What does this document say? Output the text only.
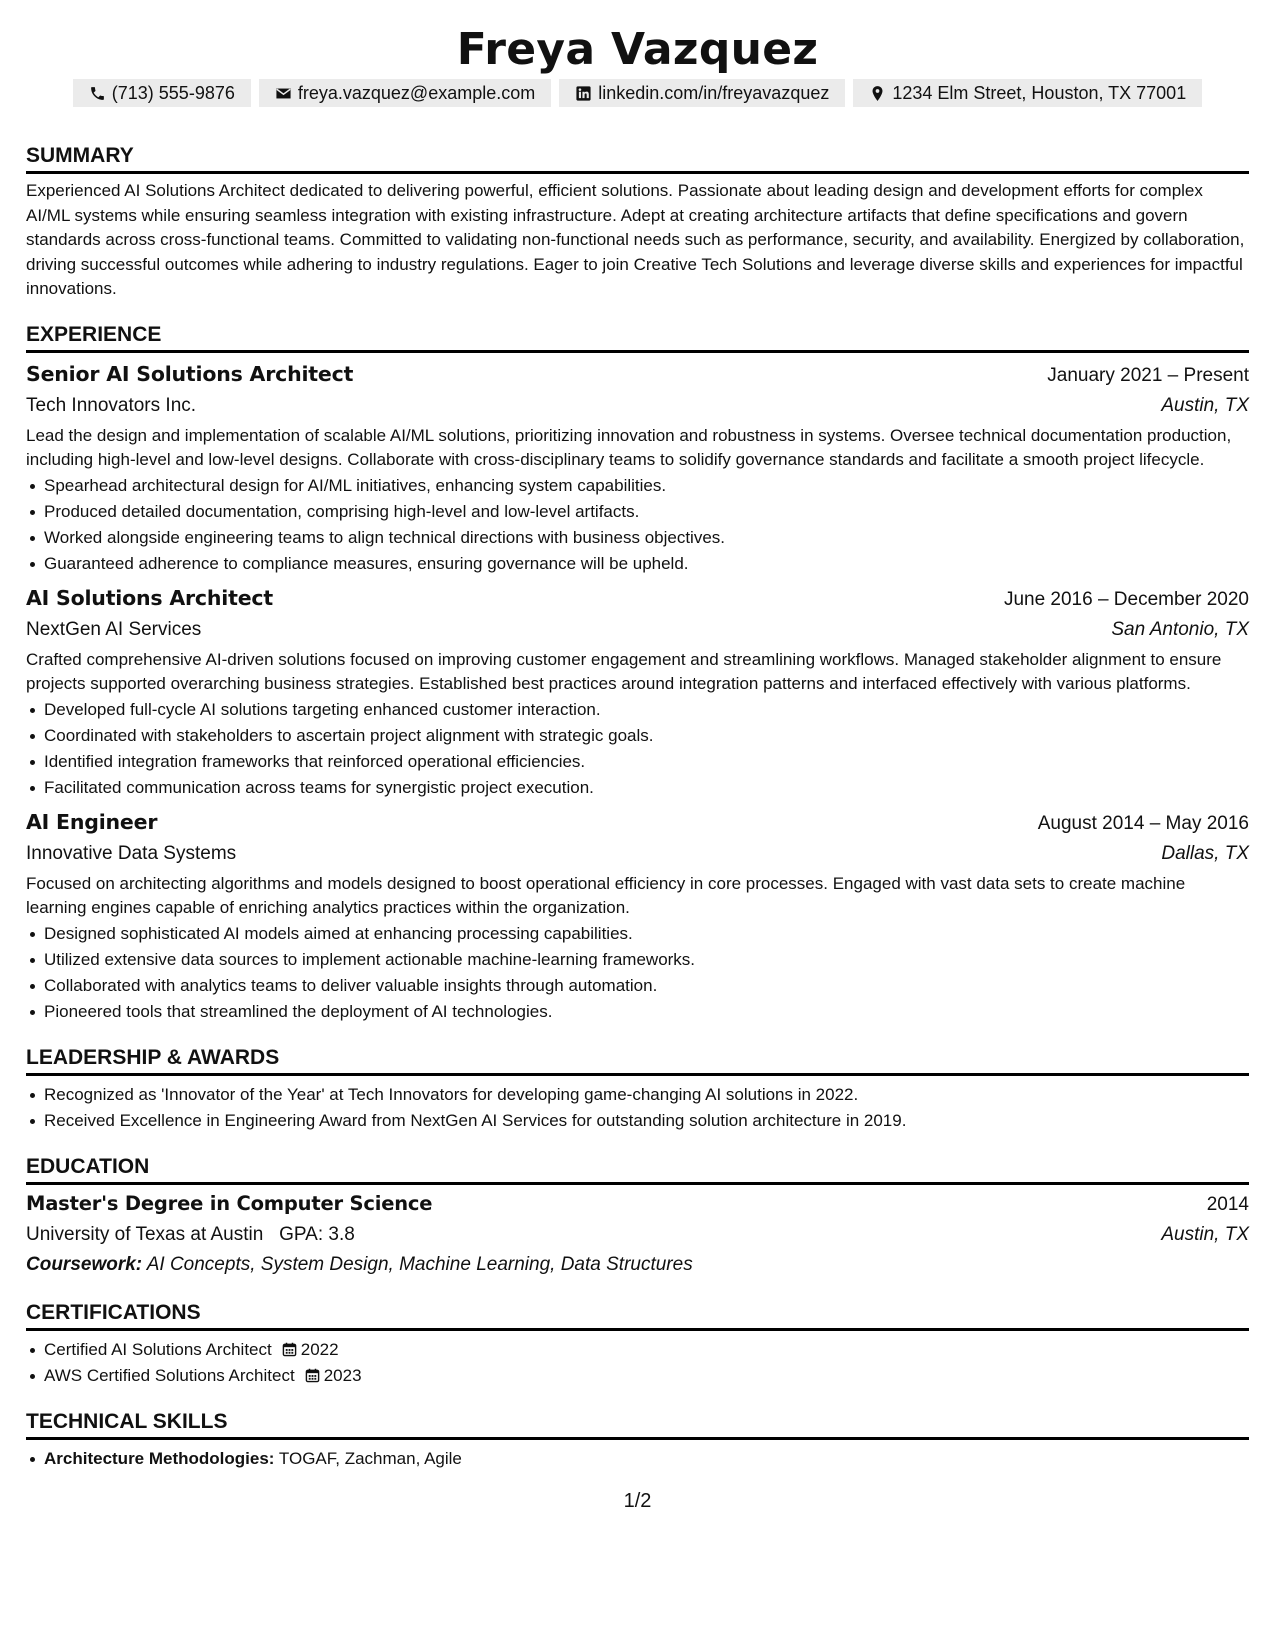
Freya Vazquez
(713) 555-9876	freya.vazquez@example.com	linkedin.com/in/freyavazquez	1234 Elm Street, Houston, TX 77001
SUMMARY

Experienced AI Solutions Architect dedicated to delivering powerful, efficient solutions. Passionate about leading design and development efforts for complex AI/ML systems while ensuring seamless integration with existing infrastructure. Adept at creating architecture artifacts that define specifications and govern standards across cross-functional teams. Committed to validating non-functional needs such as performance, security, and availability. Energized by collaboration, driving successful outcomes while adhering to industry regulations. Eager to join Creative Tech Solutions and leverage diverse skills and experiences for impactful innovations.

EXPERIENCE
Senior AI Solutions Architect	January 2021 – Present
Tech Innovators Inc.	Austin, TX

Lead the design and implementation of scalable AI/ML solutions, prioritizing innovation and robustness in systems. Oversee technical documentation production, including high-level and low-level designs. Collaborate with cross-disciplinary teams to solidify governance standards and facilitate a smooth project lifecycle.

Spearhead architectural design for AI/ML initiatives, enhancing system capabilities.
Produced detailed documentation, comprising high-level and low-level artifacts.
Worked alongside engineering teams to align technical directions with business objectives.
Guaranteed adherence to compliance measures, ensuring governance will be upheld.
AI Solutions Architect	June 2016 – December 2020
NextGen AI Services	San Antonio, TX

Crafted comprehensive AI-driven solutions focused on improving customer engagement and streamlining workflows. Managed stakeholder alignment to ensure projects supported overarching business strategies. Established best practices around integration patterns and interfaced effectively with various platforms.

Developed full-cycle AI solutions targeting enhanced customer interaction.
Coordinated with stakeholders to ascertain project alignment with strategic goals.
Identified integration frameworks that reinforced operational efficiencies.
Facilitated communication across teams for synergistic project execution.
AI Engineer	August 2014 – May 2016
Innovative Data Systems	Dallas, TX

Focused on architecting algorithms and models designed to boost operational efficiency in core processes. Engaged with vast data sets to create machine learning engines capable of enriching analytics practices within the organization.

Designed sophisticated AI models aimed at enhancing processing capabilities.
Utilized extensive data sources to implement actionable machine-learning frameworks.
Collaborated with analytics teams to deliver valuable insights through automation.
Pioneered tools that streamlined the deployment of AI technologies.
LEADERSHIP & AWARDS
Recognized as 'Innovator of the Year' at Tech Innovators for developing game-changing AI solutions in 2022.
Received Excellence in Engineering Award from NextGen AI Services for outstanding solution architecture in 2019.
EDUCATION
Master's Degree in Computer Science	2014
University of Texas at Austin GPA: 3.8	Austin, TX
Coursework: AI Concepts, System Design, Machine Learning, Data Structures
CERTIFICATIONS
Certified AI Solutions Architect 2022
AWS Certified Solutions Architect 2023
TECHNICAL SKILLS
Architecture Methodologies: TOGAF, Zachman, Agile
1/2
